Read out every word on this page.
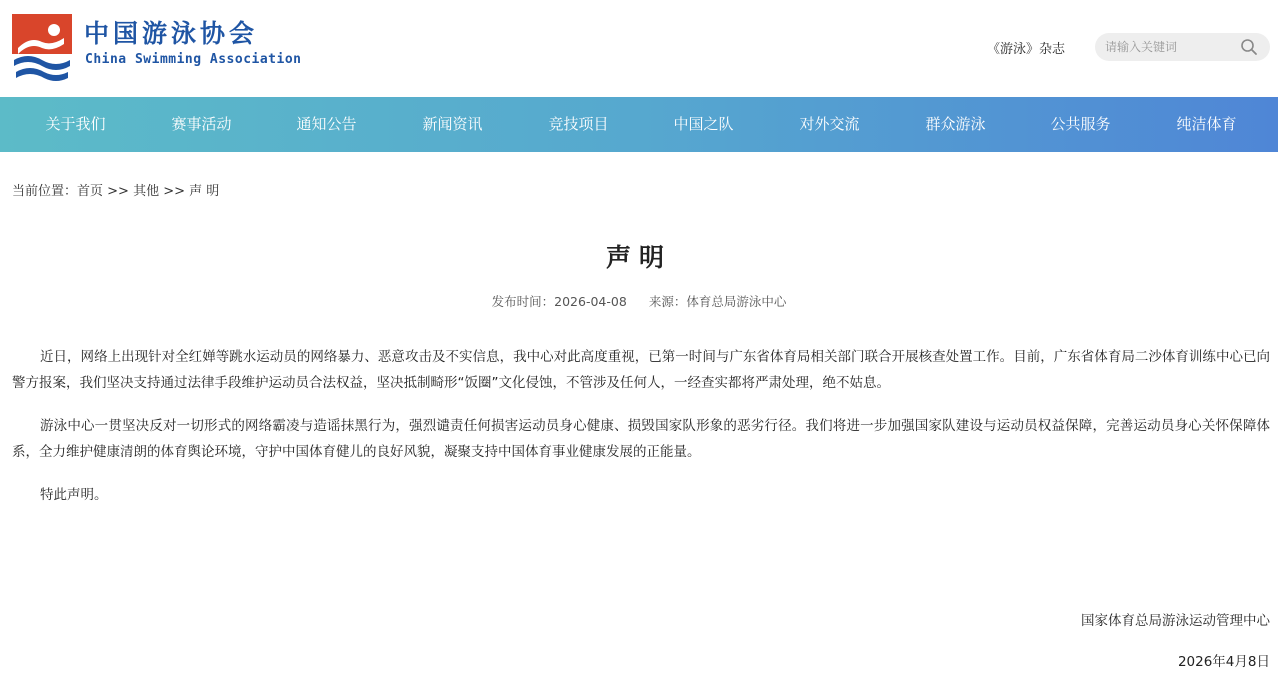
中国游泳协会
China Swimming Association
《游泳》杂志
请输入关键词
关于我们	赛事活动	通知公告	新闻资讯	竞技项目	中国之队	对外交流	群众游泳	公共服务	纯洁体育
当前位置：首页 >> 其他 >> 声 明
声明
发布时间：2026-04-08 来源：体育总局游泳中心

近日，网络上出现针对全红婵等跳水运动员的网络暴力、恶意攻击及不实信息，我中心对此高度重视，已第一时间与广东省体育局相关部门联合开展核查处置工作。目前，广东省体育局二沙体育训练中心已向警方报案，我们坚决支持通过法律手段维护运动员合法权益，坚决抵制畸形“饭圈”文化侵蚀，不管涉及任何人，一经查实都将严肃处理，绝不姑息。

游泳中心一贯坚决反对一切形式的网络霸凌与造谣抹黑行为，强烈谴责任何损害运动员身心健康、损毁国家队形象的恶劣行径。我们将进一步加强国家队建设与运动员权益保障，完善运动员身心关怀保障体系，全力维护健康清朗的体育舆论环境，守护中国体育健儿的良好风貌，凝聚支持中国体育事业健康发展的正能量。

特此声明。

国家体育总局游泳运动管理中心
2026年4月8日
